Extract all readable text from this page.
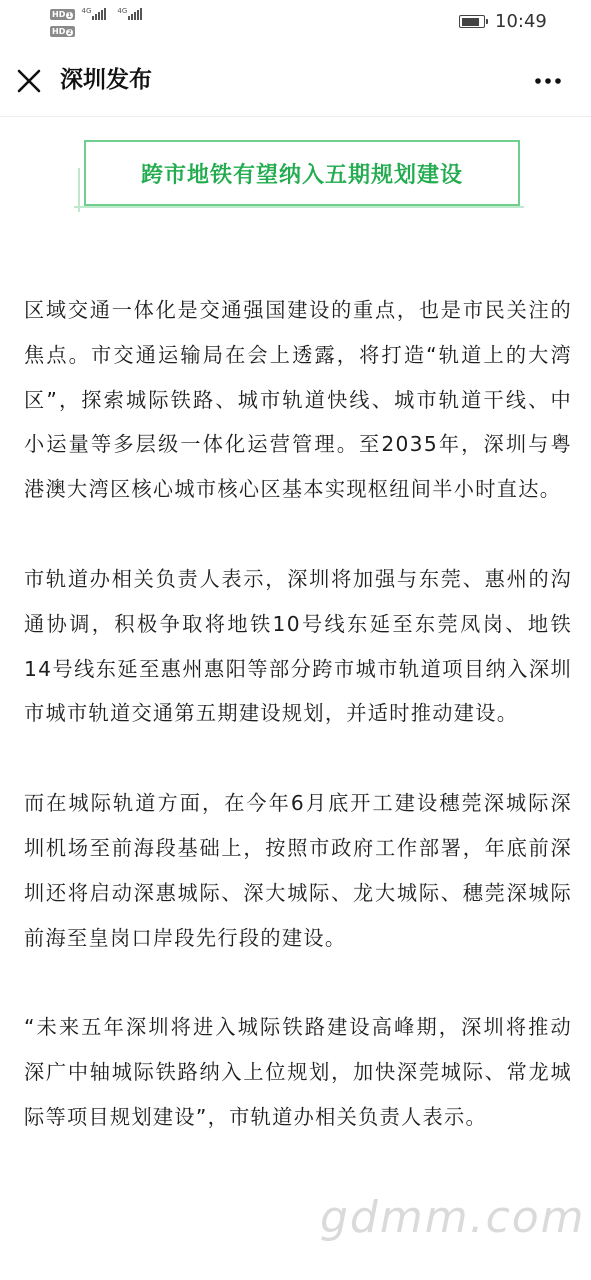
HD 1	4G	4G
HD 2	10:49
深圳发布
跨市地铁有望纳入五期规划建设

区域交通一体化是交通强国建设的重点，也是市民关注的焦点。市交通运输局在会上透露，将打造“轨道上的大湾区”，探索城际铁路、城市轨道快线、城市轨道干线、中小运量等多层级一体化运营管理。至2035年，深圳与粤港澳大湾区核心城市核心区基本实现枢纽间半小时直达。

市轨道办相关负责人表示，深圳将加强与东莞、惠州的沟通协调，积极争取将地铁10号线东延至东莞凤岗、地铁14号线东延至惠州惠阳等部分跨市城市轨道项目纳入深圳市城市轨道交通第五期建设规划，并适时推动建设。

而在城际轨道方面，在今年6月底开工建设穗莞深城际深圳机场至前海段基础上，按照市政府工作部署，年底前深圳还将启动深惠城际、深大城际、龙大城际、穗莞深城际前海至皇岗口岸段先行段的建设。

“未来五年深圳将进入城际铁路建设高峰期，深圳将推动深广中轴城际铁路纳入上位规划，加快深莞城际、常龙城际等项目规划建设”，市轨道办相关负责人表示。

gdmm.com
